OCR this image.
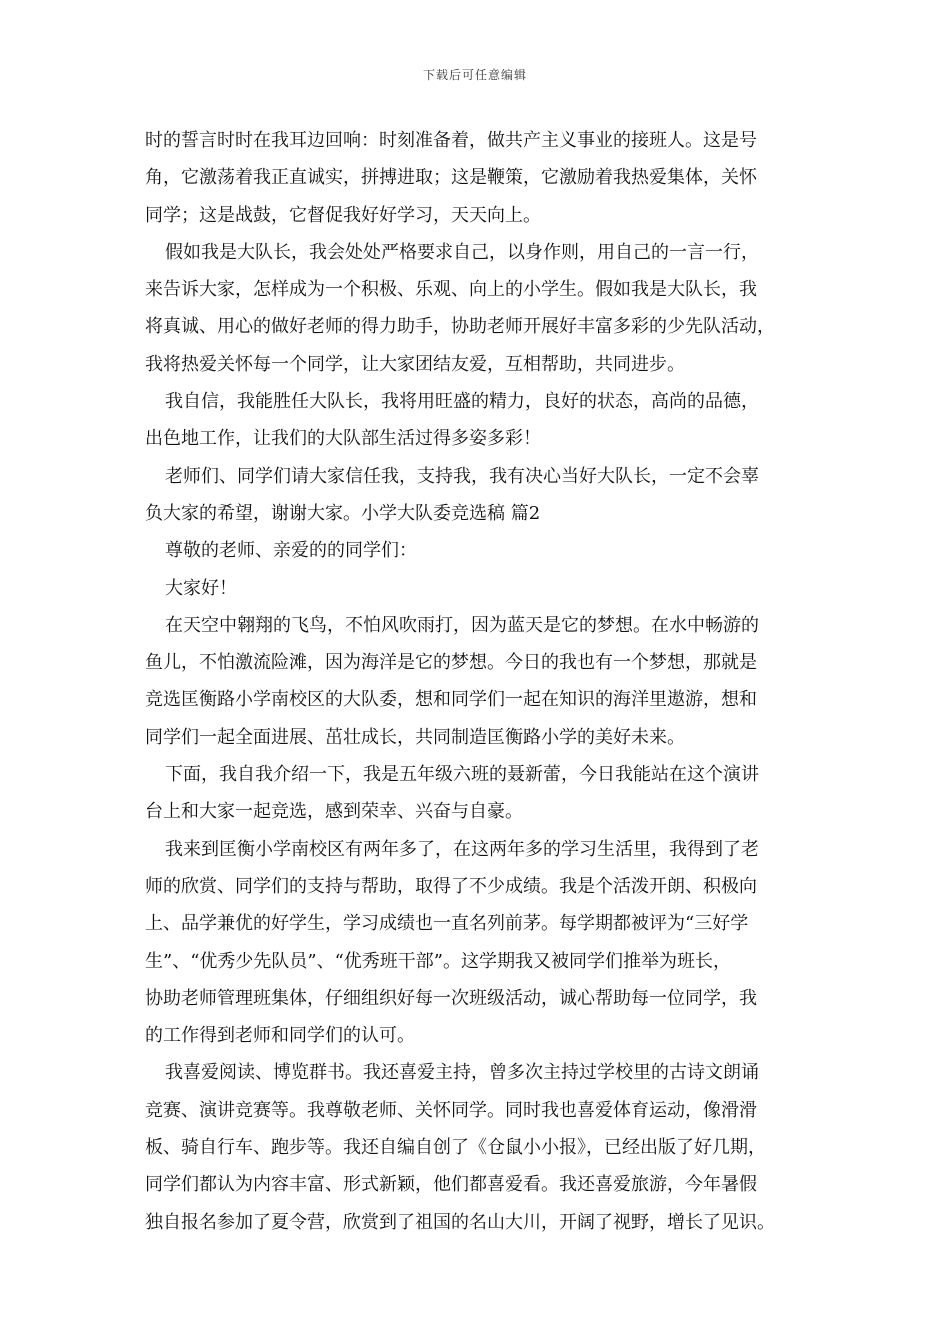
下载后可任意编辑
时的誓言时时在我耳边回响：时刻准备着，做共产主义事业的接班人。这是号
角，它激荡着我正直诚实，拼搏进取；这是鞭策，它激励着我热爱集体，关怀
同学；这是战鼓，它督促我好好学习，天天向上。
假如我是大队长，我会处处严格要求自己，以身作则，用自己的一言一行，
来告诉大家，怎样成为一个积极、乐观、向上的小学生。假如我是大队长，我
将真诚、用心的做好老师的得力助手，协助老师开展好丰富多彩的少先队活动，
我将热爱关怀每一个同学，让大家团结友爱，互相帮助，共同进步。
我自信，我能胜任大队长，我将用旺盛的精力，良好的状态，高尚的品德，
出色地工作，让我们的大队部生活过得多姿多彩！
老师们、同学们请大家信任我，支持我，我有决心当好大队长，一定不会辜
负大家的希望，谢谢大家。小学大队委竞选稿 篇2
尊敬的老师、亲爱的的同学们：
大家好！
在天空中翱翔的飞鸟，不怕风吹雨打，因为蓝天是它的梦想。在水中畅游的
鱼儿，不怕激流险滩，因为海洋是它的梦想。今日的我也有一个梦想，那就是
竞选匡衡路小学南校区的大队委，想和同学们一起在知识的海洋里遨游，想和
同学们一起全面进展、茁壮成长，共同制造匡衡路小学的美好未来。
下面，我自我介绍一下，我是五年级六班的聂新蕾，今日我能站在这个演讲
台上和大家一起竞选，感到荣幸、兴奋与自豪。
我来到匡衡小学南校区有两年多了，在这两年多的学习生活里，我得到了老
师的欣赏、同学们的支持与帮助，取得了不少成绩。我是个活泼开朗、积极向
上、品学兼优的好学生，学习成绩也一直名列前茅。每学期都被评为“三好学
生”、“优秀少先队员”、“优秀班干部”。这学期我又被同学们推举为班长，
协助老师管理班集体，仔细组织好每一次班级活动，诚心帮助每一位同学，我
的工作得到老师和同学们的认可。
我喜爱阅读、博览群书。我还喜爱主持，曾多次主持过学校里的古诗文朗诵
竞赛、演讲竞赛等。我尊敬老师、关怀同学。同时我也喜爱体育运动，像滑滑
板、骑自行车、跑步等。我还自编自创了《仓鼠小小报》，已经出版了好几期，
同学们都认为内容丰富、形式新颖，他们都喜爱看。我还喜爱旅游，今年暑假
独自报名参加了夏令营，欣赏到了祖国的名山大川，开阔了视野，增长了见识。
